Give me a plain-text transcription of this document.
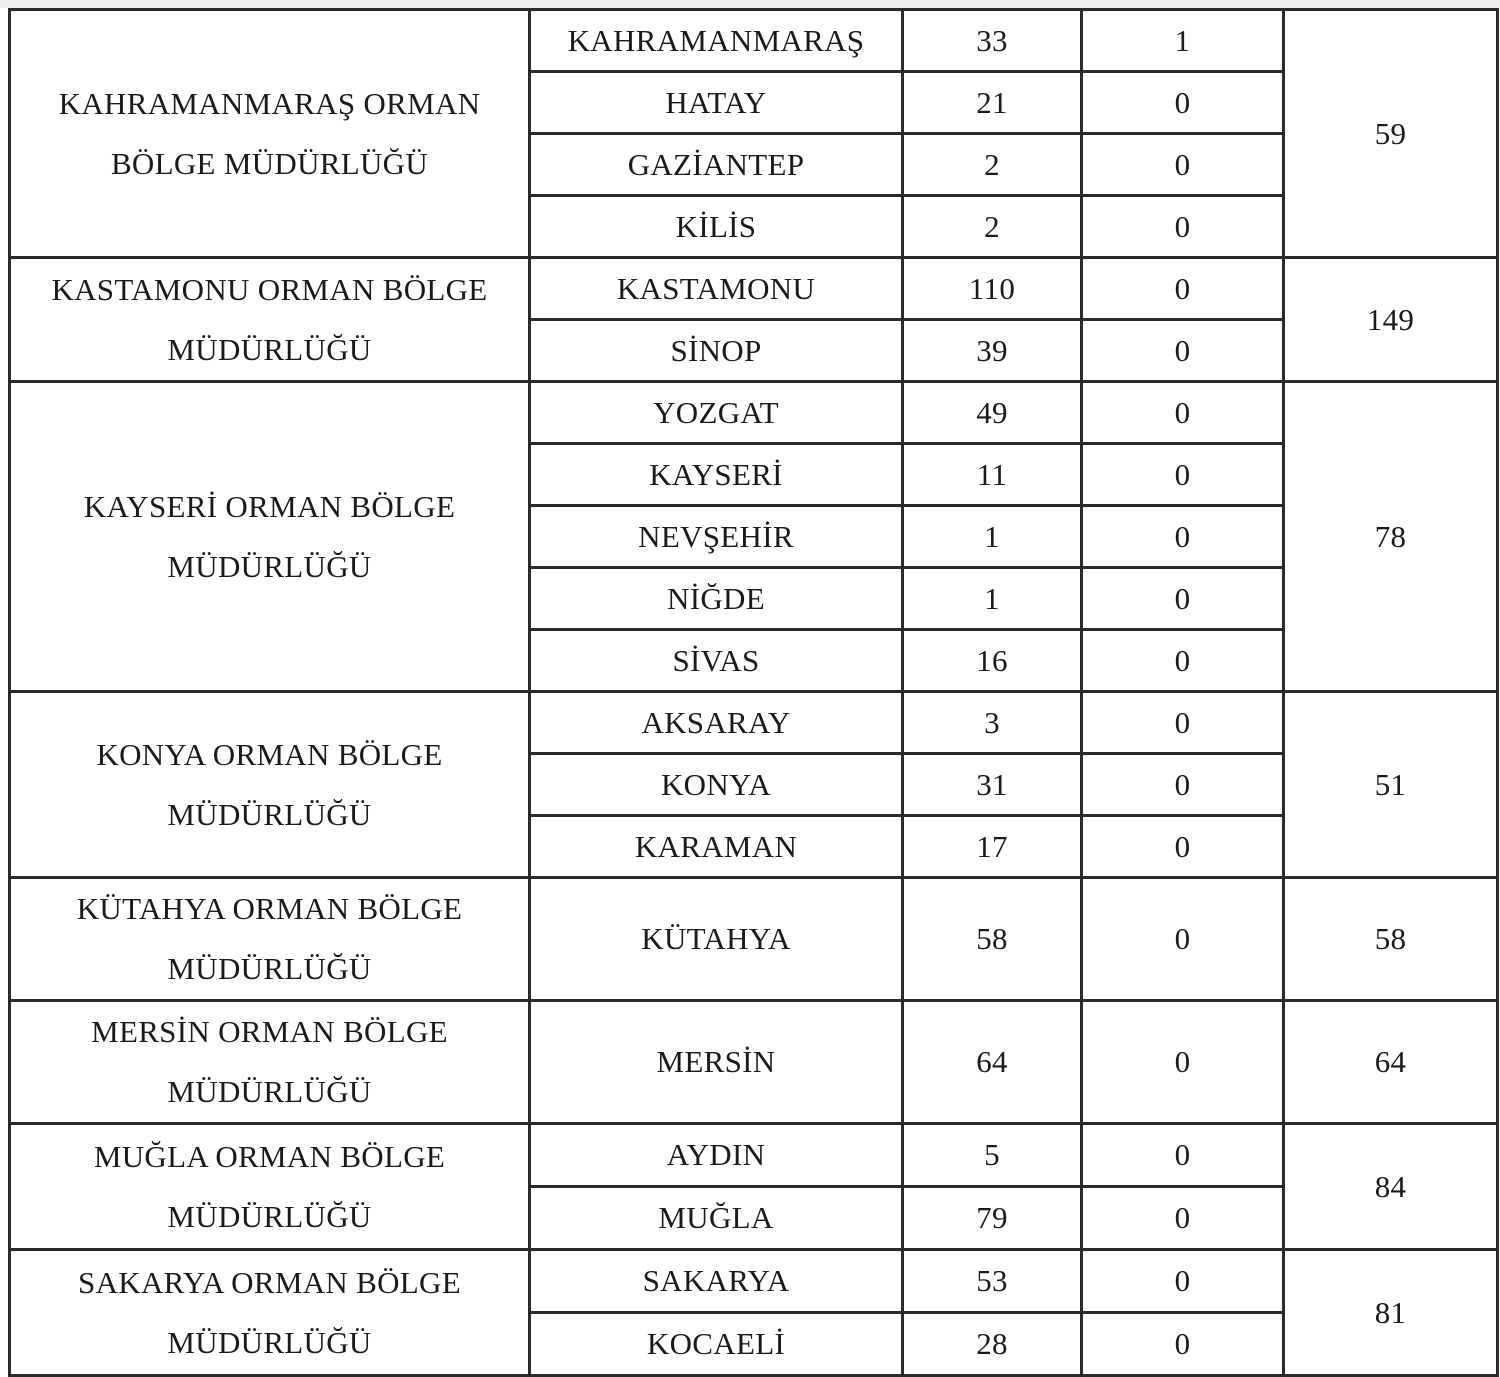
KAHRAMANMARAŞ ORMAN BÖLGE MÜDÜRLÜĞÜ	KAHRAMANMARAŞ	33	1	59
	HATAY	21	0	
	GAZİANTEP	2	0	
	KİLİS	2	0	
KASTAMONU ORMAN BÖLGE MÜDÜRLÜĞÜ	KASTAMONU	110	0	149
	SİNOP	39	0	
KAYSERİ ORMAN BÖLGE MÜDÜRLÜĞÜ	YOZGAT	49	0	78
	KAYSERİ	11	0	
	NEVŞEHİR	1	0	
	NİĞDE	1	0	
	SİVAS	16	0	
KONYA ORMAN BÖLGE MÜDÜRLÜĞÜ	AKSARAY	3	0	51
	KONYA	31	0	
	KARAMAN	17	0	
KÜTAHYA ORMAN BÖLGE MÜDÜRLÜĞÜ	KÜTAHYA	58	0	58
MERSİN ORMAN BÖLGE MÜDÜRLÜĞÜ	MERSİN	64	0	64
MUĞLA ORMAN BÖLGE MÜDÜRLÜĞÜ	AYDIN	5	0	84
	MUĞLA	79	0	
SAKARYA ORMAN BÖLGE MÜDÜRLÜĞÜ	SAKARYA	53	0	81
	KOCAELİ	28	0	
